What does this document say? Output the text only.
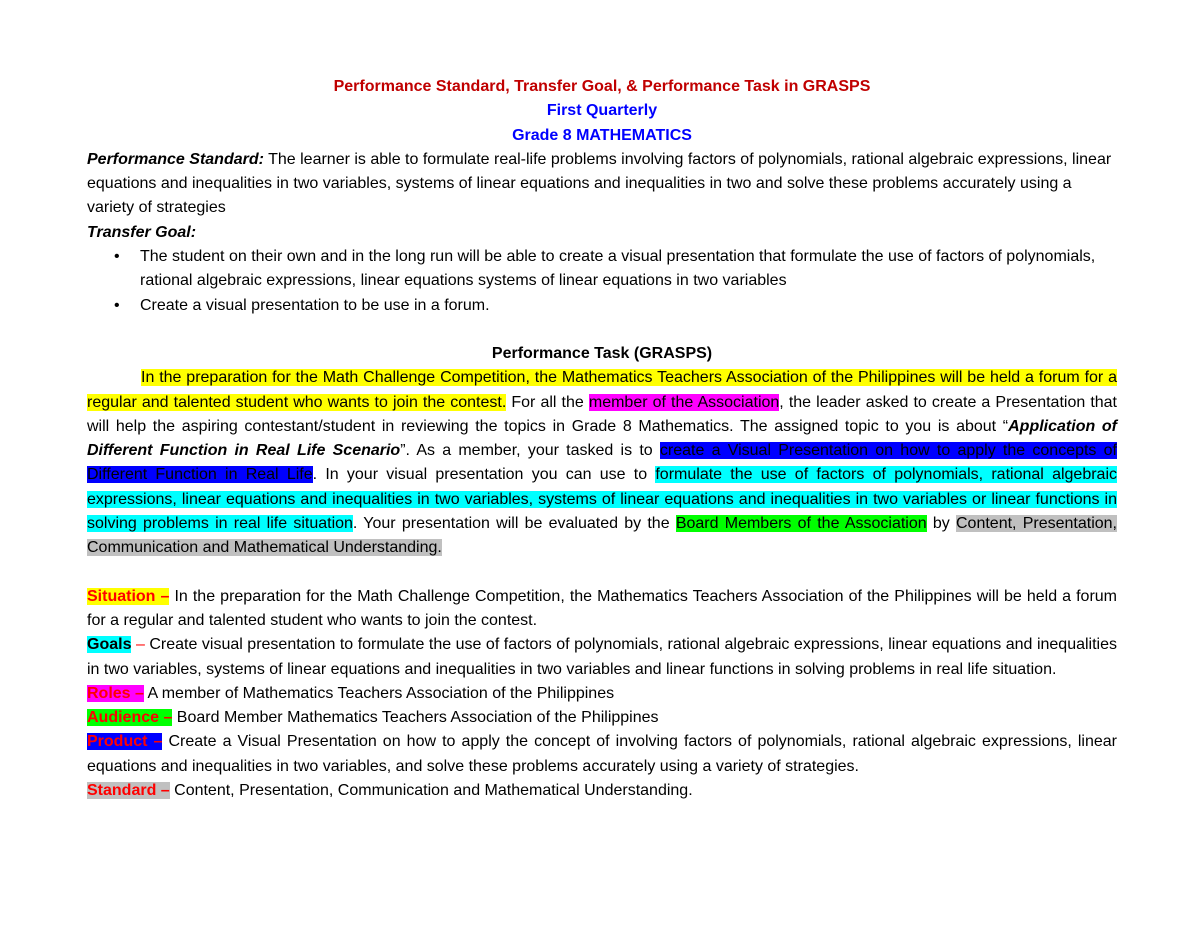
Performance Standard, Transfer Goal, & Performance Task in GRASPS

First Quarterly

Grade 8 MATHEMATICS

Performance Standard: The learner is able to formulate real-life problems involving factors of polynomials, rational algebraic expressions, linear equations and inequalities in two variables, systems of linear equations and inequalities in two and solve these problems accurately using a variety of strategies

Transfer Goal:

• The student on their own and in the long run will be able to create a visual presentation that formulate the use of factors of polynomials, rational algebraic expressions, linear equations systems of linear equations in two variables
• Create a visual presentation to be use in a forum.

Performance Task (GRASPS)

In the preparation for the Math Challenge Competition, the Mathematics Teachers Association of the Philippines will be held a forum for a regular and talented student who wants to join the contest. For all the member of the Association, the leader asked to create a Presentation that will help the aspiring contestant/student in reviewing the topics in Grade 8 Mathematics. The assigned topic to you is about “Application of Different Function in Real Life Scenario”. As a member, your tasked is to create a Visual Presentation on how to apply the concepts of Different Function in Real Life. In your visual presentation you can use to formulate the use of factors of polynomials, rational algebraic expressions, linear equations and inequalities in two variables, systems of linear equations and inequalities in two variables or linear functions in solving problems in real life situation. Your presentation will be evaluated by the Board Members of the Association by Content, Presentation, Communication and Mathematical Understanding.

Situation – In the preparation for the Math Challenge Competition, the Mathematics Teachers Association of the Philippines will be held a forum for a regular and talented student who wants to join the contest.

Goals – Create visual presentation to formulate the use of factors of polynomials, rational algebraic expressions, linear equations and inequalities in two variables, systems of linear equations and inequalities in two variables and linear functions in solving problems in real life situation.

Roles – A member of Mathematics Teachers Association of the Philippines

Audience – Board Member Mathematics Teachers Association of the Philippines

Product – Create a Visual Presentation on how to apply the concept of involving factors of polynomials, rational algebraic expressions, linear equations and inequalities in two variables, and solve these problems accurately using a variety of strategies.

Standard – Content, Presentation, Communication and Mathematical Understanding.
